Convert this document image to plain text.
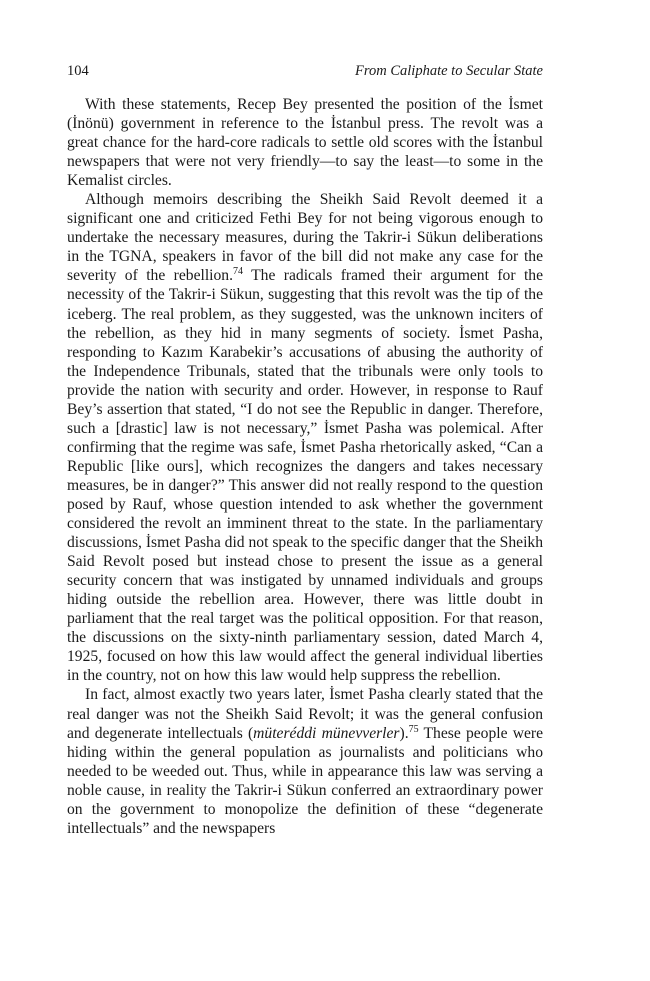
104	From Caliphate to Secular State

With these statements, Recep Bey presented the position of the İsmet (İnönü) government in reference to the İstanbul press. The revolt was a great chance for the hard-core radicals to settle old scores with the İstanbul newspapers that were not very friendly—to say the least—to some in the Kemalist circles.

Although memoirs describing the Sheikh Said Revolt deemed it a significant one and criticized Fethi Bey for not being vigorous enough to undertake the necessary measures, during the Takrir-i Sükun deliberations in the TGNA, speakers in favor of the bill did not make any case for the severity of the rebellion.$^{74}$ The radicals framed their argument for the necessity of the Takrir-i Sükun, suggesting that this revolt was the tip of the iceberg. The real problem, as they suggested, was the unknown inciters of the rebellion, as they hid in many segments of society. İsmet Pasha, responding to Kazım Karabekir’s accusations of abusing the authority of the Independence Tribunals, stated that the tribunals were only tools to provide the nation with security and order. However, in response to Rauf Bey’s assertion that stated, “I do not see the Republic in danger. Therefore, such a [drastic] law is not necessary,” İsmet Pasha was polemical. After confirming that the regime was safe, İsmet Pasha rhetorically asked, “Can a Republic [like ours], which recognizes the dangers and takes necessary measures, be in danger?” This answer did not really respond to the question posed by Rauf, whose question intended to ask whether the government considered the revolt an imminent threat to the state. In the parliamentary discussions, İsmet Pasha did not speak to the specific danger that the Sheikh Said Revolt posed but instead chose to present the issue as a general security concern that was instigated by unnamed individuals and groups hiding outside the rebellion area. However, there was little doubt in parliament that the real target was the political opposition. For that reason, the discussions on the sixty-ninth parliamentary session, dated March 4, 1925, focused on how this law would affect the general individual liberties in the country, not on how this law would help suppress the rebellion.

In fact, almost exactly two years later, İsmet Pasha clearly stated that the real danger was not the Sheikh Said Revolt; it was the general confusion and degenerate intellectuals (müteréddi münevverler).$^{75}$ These people were hiding within the general population as journalists and politicians who needed to be weeded out. Thus, while in appearance this law was serving a noble cause, in reality the Takrir-i Sükun conferred an extraordinary power on the government to monopolize the definition of these “degenerate intellectuals” and the newspapers
